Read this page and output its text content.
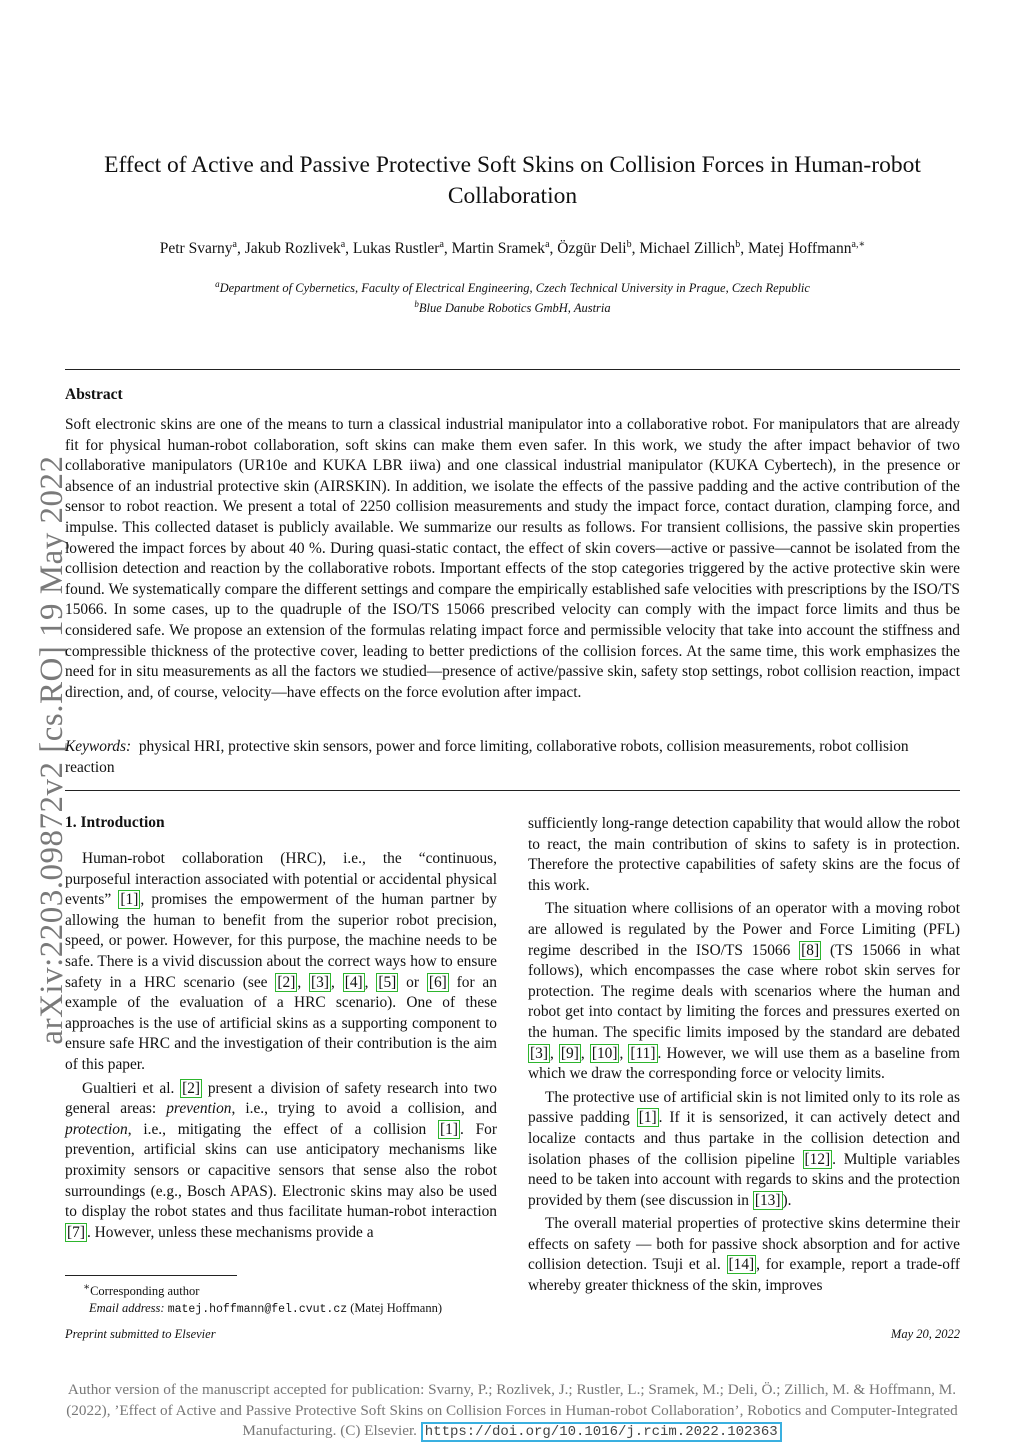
arXiv:2203.09872v2 [cs.RO] 19 May 2022
Effect of Active and Passive Protective Soft Skins on Collision Forces in Human-robot Collaboration
Petr Svarny$^a$, Jakub Rozlivek$^a$, Lukas Rustler$^a$, Martin Sramek$^a$, Özgür Deli$^b$, Michael Zillich$^b$, Matej Hoffmann$^{a,∗}$
$^a$Department of Cybernetics, Faculty of Electrical Engineering, Czech Technical University in Prague, Czech Republic
$^b$Blue Danube Robotics GmbH, Austria
Abstract

Soft electronic skins are one of the means to turn a classical industrial manipulator into a collaborative robot. For manipulators that are already fit for physical human-robot collaboration, soft skins can make them even safer. In this work, we study the after impact behavior of two collaborative manipulators (UR10e and KUKA LBR iiwa) and one classical industrial manipulator (KUKA Cybertech), in the presence or absence of an industrial protective skin (AIRSKIN). In addition, we isolate the effects of the passive padding and the active contribution of the sensor to robot reaction. We present a total of 2250 collision measurements and study the impact force, contact duration, clamping force, and impulse. This collected dataset is publicly available. We summarize our results as follows. For transient collisions, the passive skin properties lowered the impact forces by about 40 %. During quasi-static contact, the effect of skin covers—active or passive—cannot be isolated from the collision detection and reaction by the collaborative robots. Important effects of the stop categories triggered by the active protective skin were found. We systematically compare the different settings and compare the empirically established safe velocities with prescriptions by the ISO/TS 15066. In some cases, up to the quadruple of the ISO/TS 15066 prescribed velocity can comply with the impact force limits and thus be considered safe. We propose an extension of the formulas relating impact force and permissible velocity that take into account the stiffness and compressible thickness of the protective cover, leading to better predictions of the collision forces. At the same time, this work emphasizes the need for in situ measurements as all the factors we studied—presence of active/passive skin, safety stop settings, robot collision reaction, impact direction, and, of course, velocity—have effects on the force evolution after impact.

Keywords: physical HRI, protective skin sensors, power and force limiting, collaborative robots, collision measurements, robot collision reaction

1. Introduction

Human-robot collaboration (HRC), i.e., the “continuous, purposeful interaction associated with potential or accidental physical events” [1] , promises the empowerment of the human partner by allowing the human to benefit from the superior robot precision, speed, or power. However, for this purpose, the machine needs to be safe. There is a vivid discussion about the correct ways how to ensure safety in a HRC scenario (see [2] , [3] , [4] , [5] or [6] for an example of the evaluation of a HRC scenario). One of these approaches is the use of artificial skins as a supporting component to ensure safe HRC and the investigation of their contribution is the aim of this paper.

Gualtieri et al. [2] present a division of safety research into two general areas: prevention, i.e., trying to avoid a collision, and protection, i.e., mitigating the effect of a collision [1] . For prevention, artificial skins can use anticipatory mechanisms like proximity sensors or capacitive sensors that sense also the robot surroundings (e.g., Bosch APAS). Electronic skins may also be used to display the robot states and thus facilitate human-robot interaction [7] . However, unless these mechanisms provide a

sufficiently long-range detection capability that would allow the robot to react, the main contribution of skins to safety is in protection. Therefore the protective capabilities of safety skins are the focus of this work.

The situation where collisions of an operator with a moving robot are allowed is regulated by the Power and Force Limiting (PFL) regime described in the ISO/TS 15066 [8] (TS 15066 in what follows), which encompasses the case where robot skin serves for protection. The regime deals with scenarios where the human and robot get into contact by limiting the forces and pressures exerted on the human. The specific limits imposed by the standard are debated [3] , [9] , [10] , [11] . However, we will use them as a baseline from which we draw the corresponding force or velocity limits.

The protective use of artificial skin is not limited only to its role as passive padding [1] . If it is sensorized, it can actively detect and localize contacts and thus partake in the collision detection and isolation phases of the collision pipeline [12] . Multiple variables need to be taken into account with regards to skins and the protection provided by them (see discussion in [13] ).

The overall material properties of protective skins determine their effects on safety — both for passive shock absorption and for active collision detection. Tsuji et al. [14] , for example, report a trade-off whereby greater thickness of the skin, improves

∗Corresponding author
Email address: matej.hoffmann@fel.cvut.cz (Matej Hoffmann)
Preprint submitted to Elsevier	May 20, 2022
Author version of the manuscript accepted for publication: Svarny, P.; Rozlivek, J.; Rustler, L.; Sramek, M.; Deli, Ö.; Zillich, M. & Hoffmann, M.
(2022), ’Effect of Active and Passive Protective Soft Skins on Collision Forces in Human-robot Collaboration’, Robotics and Computer-Integrated
Manufacturing. (C) Elsevier. https://doi.org/10.1016/j.rcim.2022.102363
